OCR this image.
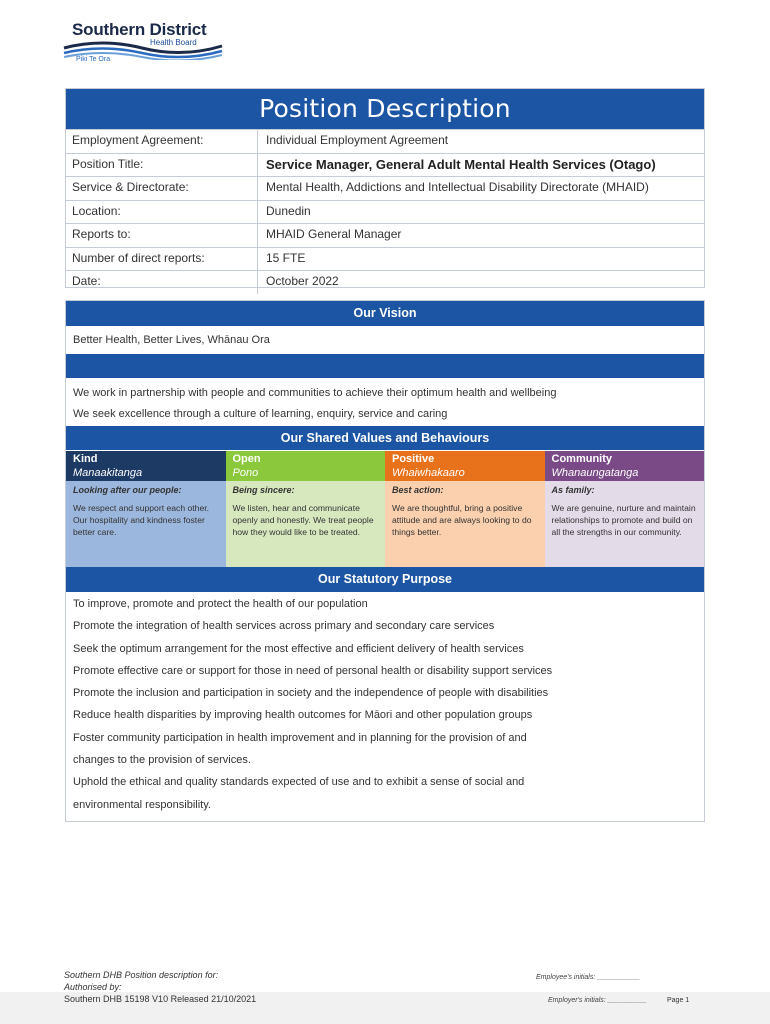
Southern District
Health Board
Piki Te Ora
Position Description
Employment Agreement:	Individual Employment Agreement
Position Title:	Service Manager, General Adult Mental Health Services (Otago)
Service & Directorate:	Mental Health, Addictions and Intellectual Disability Directorate (MHAID)
Location:	Dunedin
Reports to:	MHAID General Manager
Number of direct reports:	15 FTE
Date:	October 2022
Our Vision
Better Health, Better Lives, Whānau Ora
We work in partnership with people and communities to achieve their optimum health and wellbeing
We seek excellence through a culture of learning, enquiry, service and caring
Our Shared Values and Behaviours
Kind
Manaakitanga
Looking after our people:
We respect and support each other. Our hospitality and kindness foster better care.
Open
Pono
Being sincere:
We listen, hear and communicate openly and honestly. We treat people how they would like to be treated.
Positive
Whaiwhakaaro
Best action:
We are thoughtful, bring a positive attitude and are always looking to do things better.
Community
Whanaungatanga
As family:
We are genuine, nurture and maintain relationships to promote and build on all the strengths in our community.
Our Statutory Purpose
To improve, promote and protect the health of our population
Promote the integration of health services across primary and secondary care services
Seek the optimum arrangement for the most effective and efficient delivery of health services
Promote effective care or support for those in need of personal health or disability support services
Promote the inclusion and participation in society and the independence of people with disabilities
Reduce health disparities by improving health outcomes for Māori and other population groups
Foster community participation in health improvement and in planning for the provision of and
changes to the provision of services.
Uphold the ethical and quality standards expected of use and to exhibit a sense of social and
environmental responsibility.
Southern DHB Position description for:
Authorised by:
Southern DHB 15198 V10 Released 21/10/2021
Employee's initials: ___________
Employer's initials: __________	Page 1
